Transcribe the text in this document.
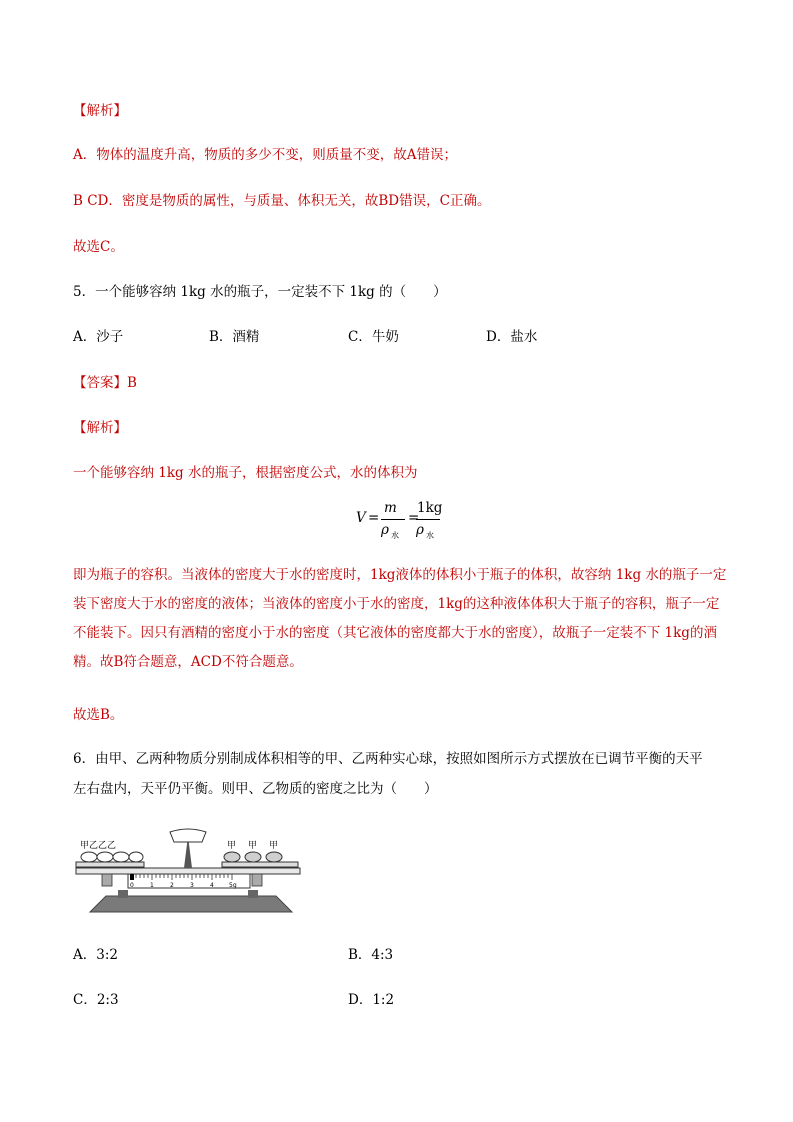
【解析】
A．物体的温度升高，物质的多少不变，则质量不变，故A错误；
B CD．密度是物质的属性，与质量、体积无关，故BD错误，C正确。
故选C。
5．一个能够容纳 1kg 水的瓶子，一定装不下 1kg 的（　　）
A．沙子	B．酒精	C．牛奶	D．盐水
【答案】B
【解析】
一个能够容纳 1kg 水的瓶子，根据密度公式，水的体积为
V =
m
ρ 水
=
1kg
ρ 水
即为瓶子的容积。当液体的密度大于水的密度时，1kg液体的体积小于瓶子的体积，故容纳 1kg 水的瓶子一定装下密度大于水的密度的液体；当液体的密度小于水的密度，1kg的这种液体体积大于瓶子的容积，瓶子一定不能装下。因只有酒精的密度小于水的密度（其它液体的密度都大于水的密度），故瓶子一定装不下 1kg的酒精。故B符合题意，ACD不符合题意。
故选B。
6．由甲、乙两种物质分别制成体积相等的甲、乙两种实心球，按照如图所示方式摆放在已调节平衡的天平
左右盘内，天平仍平衡。则甲、乙物质的密度之比为（　　）
0	1	2	3	4	5g
甲乙乙乙	甲 甲 甲
A．3:2	B．4:3
C．2:3	D．1:2
